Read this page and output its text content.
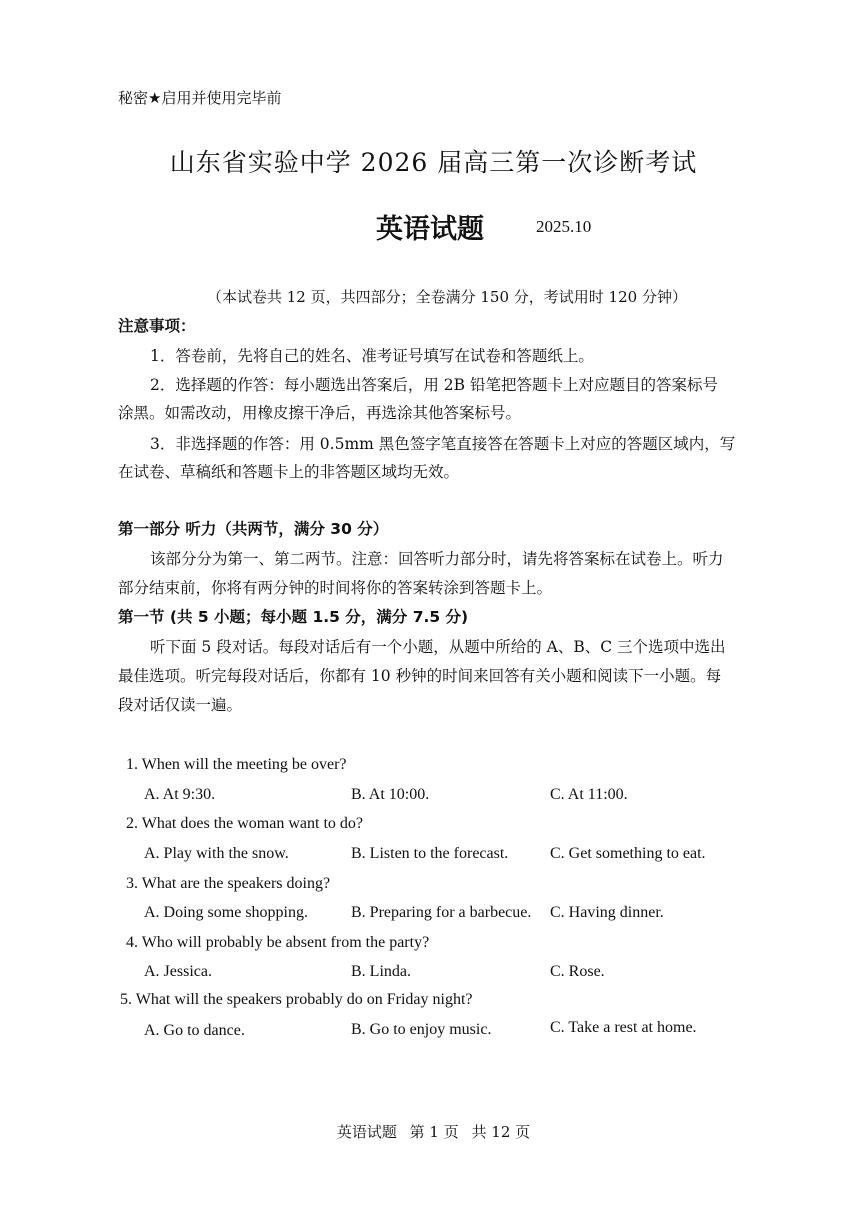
秘密★启用并使用完毕前
山东省实验中学 2026 届高三第一次诊断考试
英语试题	2025.10
（本试卷共 12 页，共四部分；全卷满分 150 分，考试用时 120 分钟）
注意事项：
1．答卷前，先将自己的姓名、准考证号填写在试卷和答题纸上。
2．选择题的作答：每小题选出答案后，用 2B 铅笔把答题卡上对应题目的答案标号
涂黑。如需改动，用橡皮擦干净后，再选涂其他答案标号。
3．非选择题的作答：用 0.5mm 黑色签字笔直接答在答题卡上对应的答题区域内，写
在试卷、草稿纸和答题卡上的非答题区域均无效。
第一部分 听力（共两节，满分 30 分）
该部分分为第一、第二两节。注意：回答听力部分时，请先将答案标在试卷上。听力
部分结束前，你将有两分钟的时间将你的答案转涂到答题卡上。
第一节 (共 5 小题；每小题 1.5 分，满分 7.5 分)
听下面 5 段对话。每段对话后有一个小题，从题中所给的 A、B、C 三个选项中选出
最佳选项。听完每段对话后，你都有 10 秒钟的时间来回答有关小题和阅读下一小题。每
段对话仅读一遍。
1. When will the meeting be over?
A. At 9:30.	B. At 10:00.	C. At 11:00.
2. What does the woman want to do?
A. Play with the snow.	B. Listen to the forecast.	C. Get something to eat.
3. What are the speakers doing?
A. Doing some shopping.	B. Preparing for a barbecue. C. Having dinner.
4. Who will probably be absent from the party?
A. Jessica.	B. Linda.	C. Rose.
5. What will the speakers probably do on Friday night?
A. Go to dance.	B. Go to enjoy music.	C. Take a rest at home.
英语试题 第 1 页 共 12 页
